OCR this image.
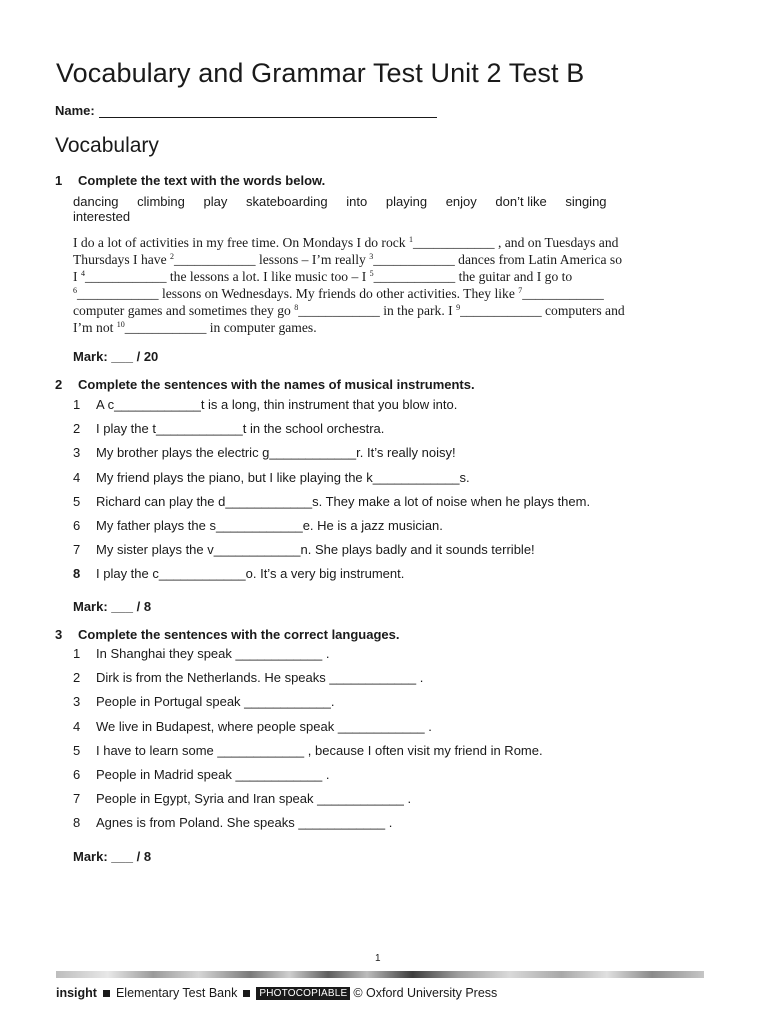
Vocabulary and Grammar Test Unit 2 Test B
Name:
Vocabulary
1	Complete the text with the words below.
dancing climbing play skateboarding into playing enjoy don’t like singing
interested
I do a lot of activities in my free time. On Mondays I do rock $^1$____________ , and on Tuesdays and
Thursdays I have $^2$____________ lessons – I’m really $^3$____________ dances from Latin America so
I $^4$____________ the lessons a lot. I like music too – I $^5$____________ the guitar and I go to
$^6$____________ lessons on Wednesdays. My friends do other activities. They like $^7$____________
computer games and sometimes they go $^8$____________ in the park. I $^9$____________ computers and
I’m not $^{10}$____________ in computer games.
Mark: ___ / 20
2	Complete the sentences with the names of musical instruments.
1	A c____________t is a long, thin instrument that you blow into.
2	I play the t____________t in the school orchestra.
3	My brother plays the electric g____________r. It’s really noisy!
4	My friend plays the piano, but I like playing the k____________s.
5	Richard can play the d____________s. They make a lot of noise when he plays them.
6	My father plays the s____________e. He is a jazz musician.
7	My sister plays the v____________n. She plays badly and it sounds terrible!
8	I play the c____________o. It’s a very big instrument.
Mark: ___ / 8
3	Complete the sentences with the correct languages.
1	In Shanghai they speak ____________ .
2	Dirk is from the Netherlands. He speaks ____________ .
3	People in Portugal speak ____________.
4	We live in Budapest, where people speak ____________ .
5	I have to learn some ____________ , because I often visit my friend in Rome.
6	People in Madrid speak ____________ .
7	People in Egypt, Syria and Iran speak ____________ .
8	Agnes is from Poland. She speaks ____________ .
Mark: ___ / 8
1
insight Elementary Test Bank	PHOTOCOPIABLE © Oxford University Press
